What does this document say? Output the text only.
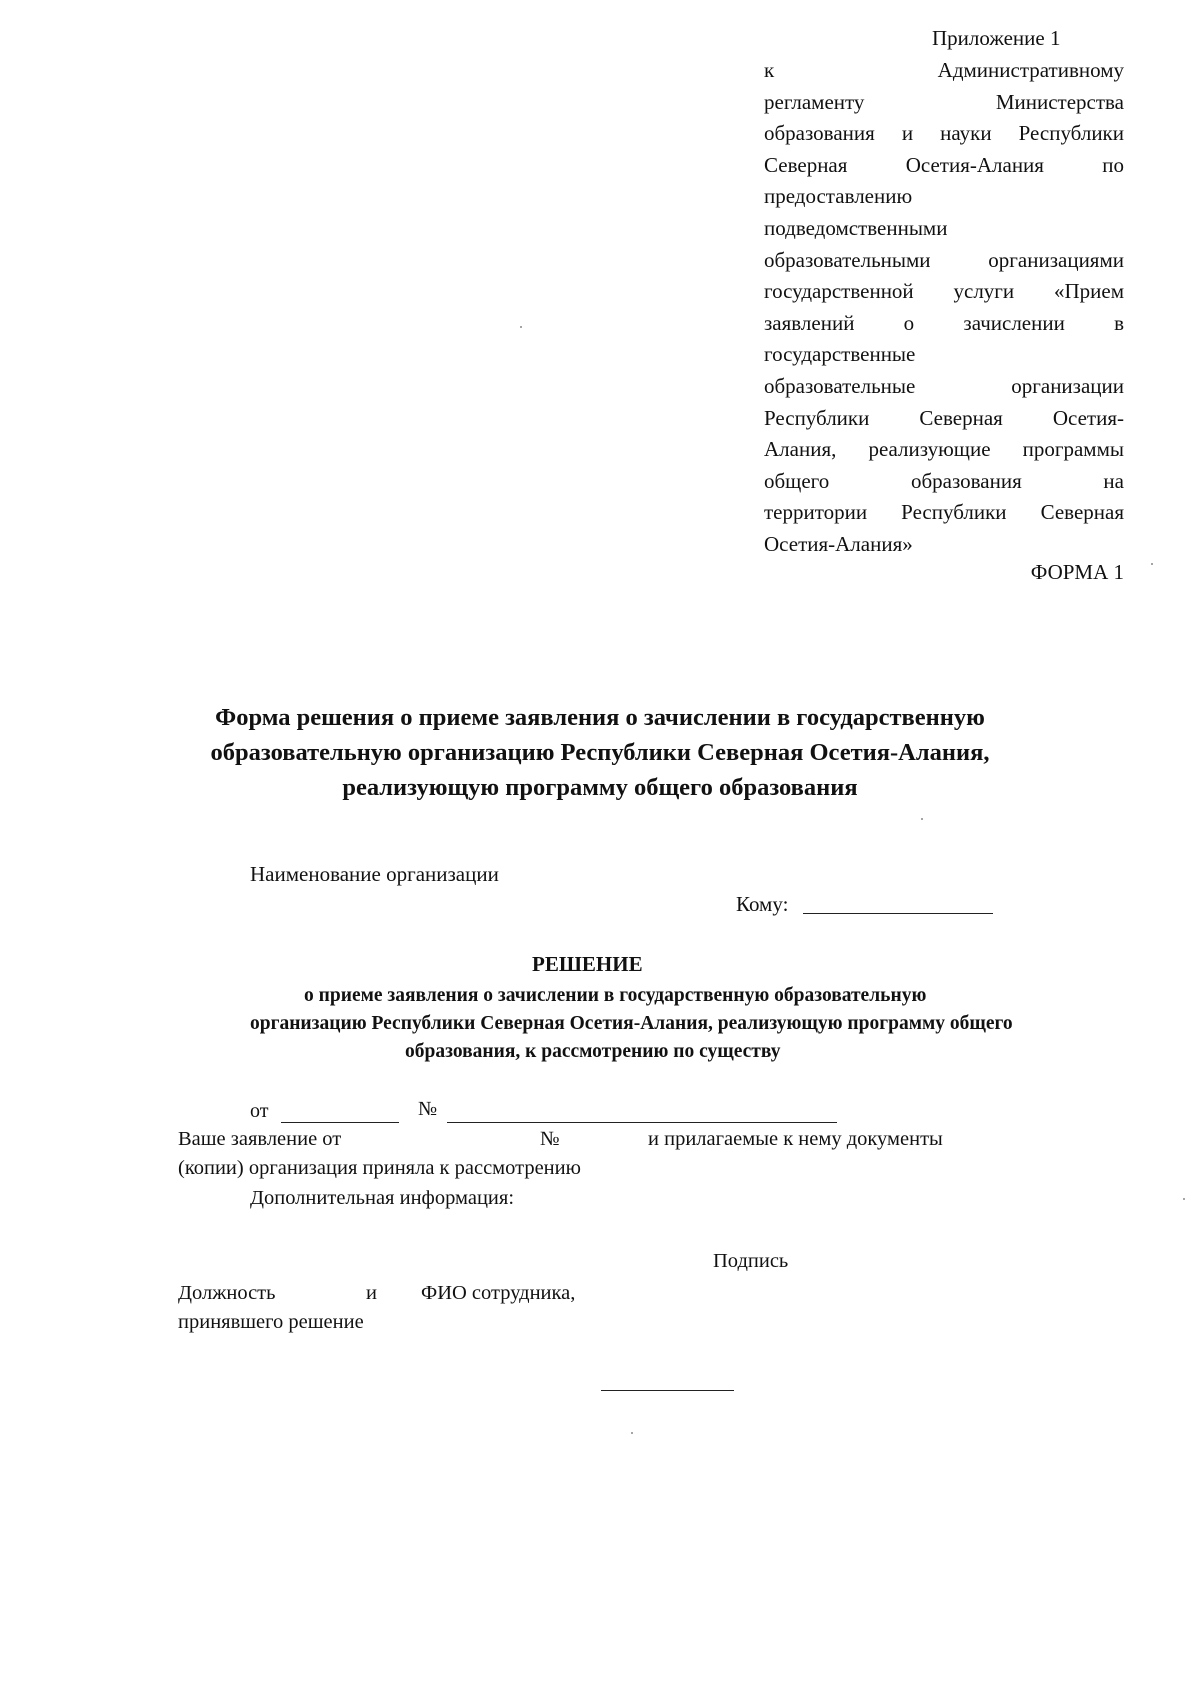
Приложение 1
к Административному
регламенту Министерства
образования и науки Республики
Северная Осетия-Алания по
предоставлению
подведомственными
образовательными организациями
государственной услуги «Прием
заявлений о зачислении в
государственные
образовательные организации
Республики Северная Осетия-
Алания, реализующие программы
общего образования на
территории Республики Северная
Осетия-Алания»
ФОРМА 1
Форма решения о приеме заявления о зачислении в государственную
образовательную организацию Республики Северная Осетия-Алания,
реализующую программу общего образования
Наименование организации
Кому:
РЕШЕНИЕ
о приеме заявления о зачислении в государственную образовательную
организацию Республики Северная Осетия-Алания, реализующую программу общего
образования, к рассмотрению по существу
от	№
Ваше заявление от	№	и прилагаемые к нему документы
(копии) организация приняла к рассмотрению
Дополнительная информация:
Подпись
Должность	и ФИО сотрудника,
принявшего решение
